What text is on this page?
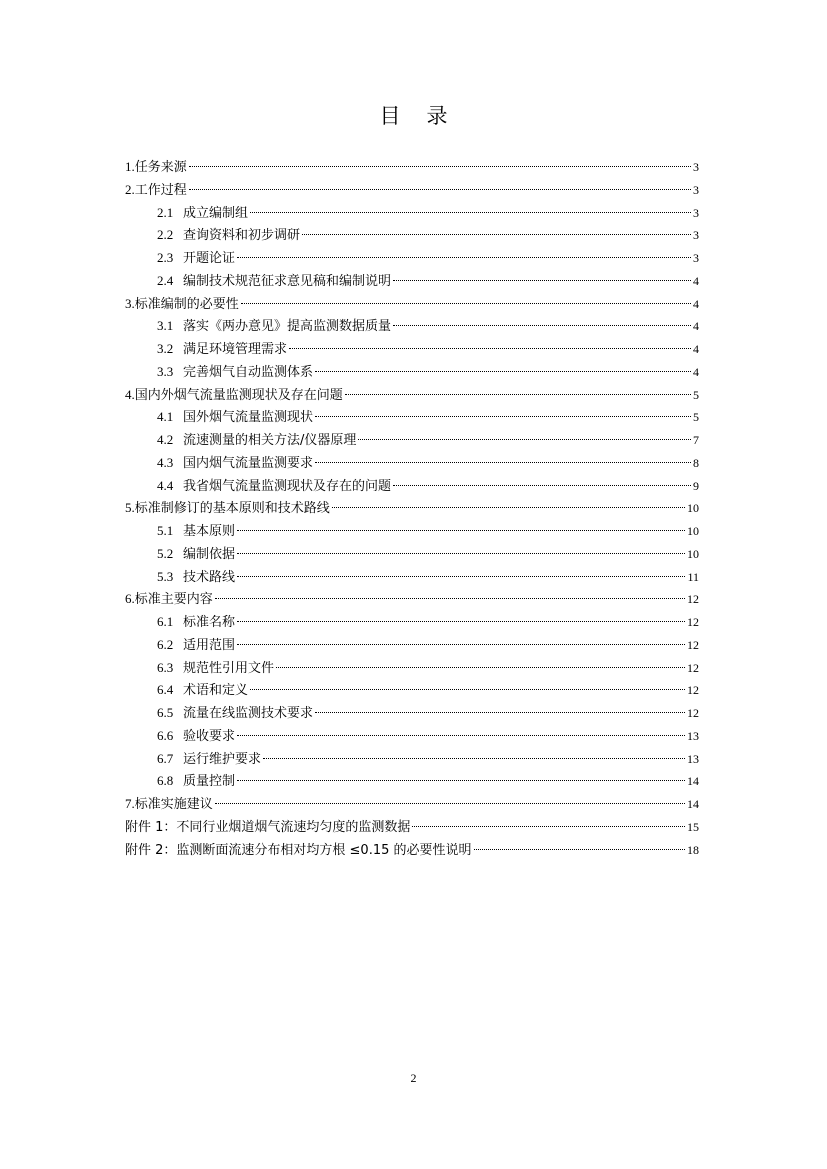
目 录
1. 任务来源	3
2. 工作过程	3
2.1 成立编制组	3
2.2 查询资料和初步调研	3
2.3 开题论证	3
2.4 编制技术规范征求意见稿和编制说明	4
3. 标准编制的必要性	4
3.1 落实《两办意见》提高监测数据质量	4
3.2 满足环境管理需求	4
3.3 完善烟气自动监测体系	4
4. 国内外烟气流量监测现状及存在问题	5
4.1 国外烟气流量监测现状	5
4.2 流速测量的相关方法/仪器原理	7
4.3 国内烟气流量监测要求	8
4.4 我省烟气流量监测现状及存在的问题	9
5. 标准制修订的基本原则和技术路线	10
5.1 基本原则	10
5.2 编制依据	10
5.3 技术路线	11
6. 标准主要内容	12
6.1 标准名称	12
6.2 适用范围	12
6.3 规范性引用文件	12
6.4 术语和定义	12
6.5 流量在线监测技术要求	12
6.6 验收要求	13
6.7 运行维护要求	13
6.8 质量控制	14
7. 标准实施建议	14
附件 1：不同行业烟道烟气流速均匀度的监测数据	15
附件 2：监测断面流速分布相对均方根 ≤0.15 的必要性说明	18
2
